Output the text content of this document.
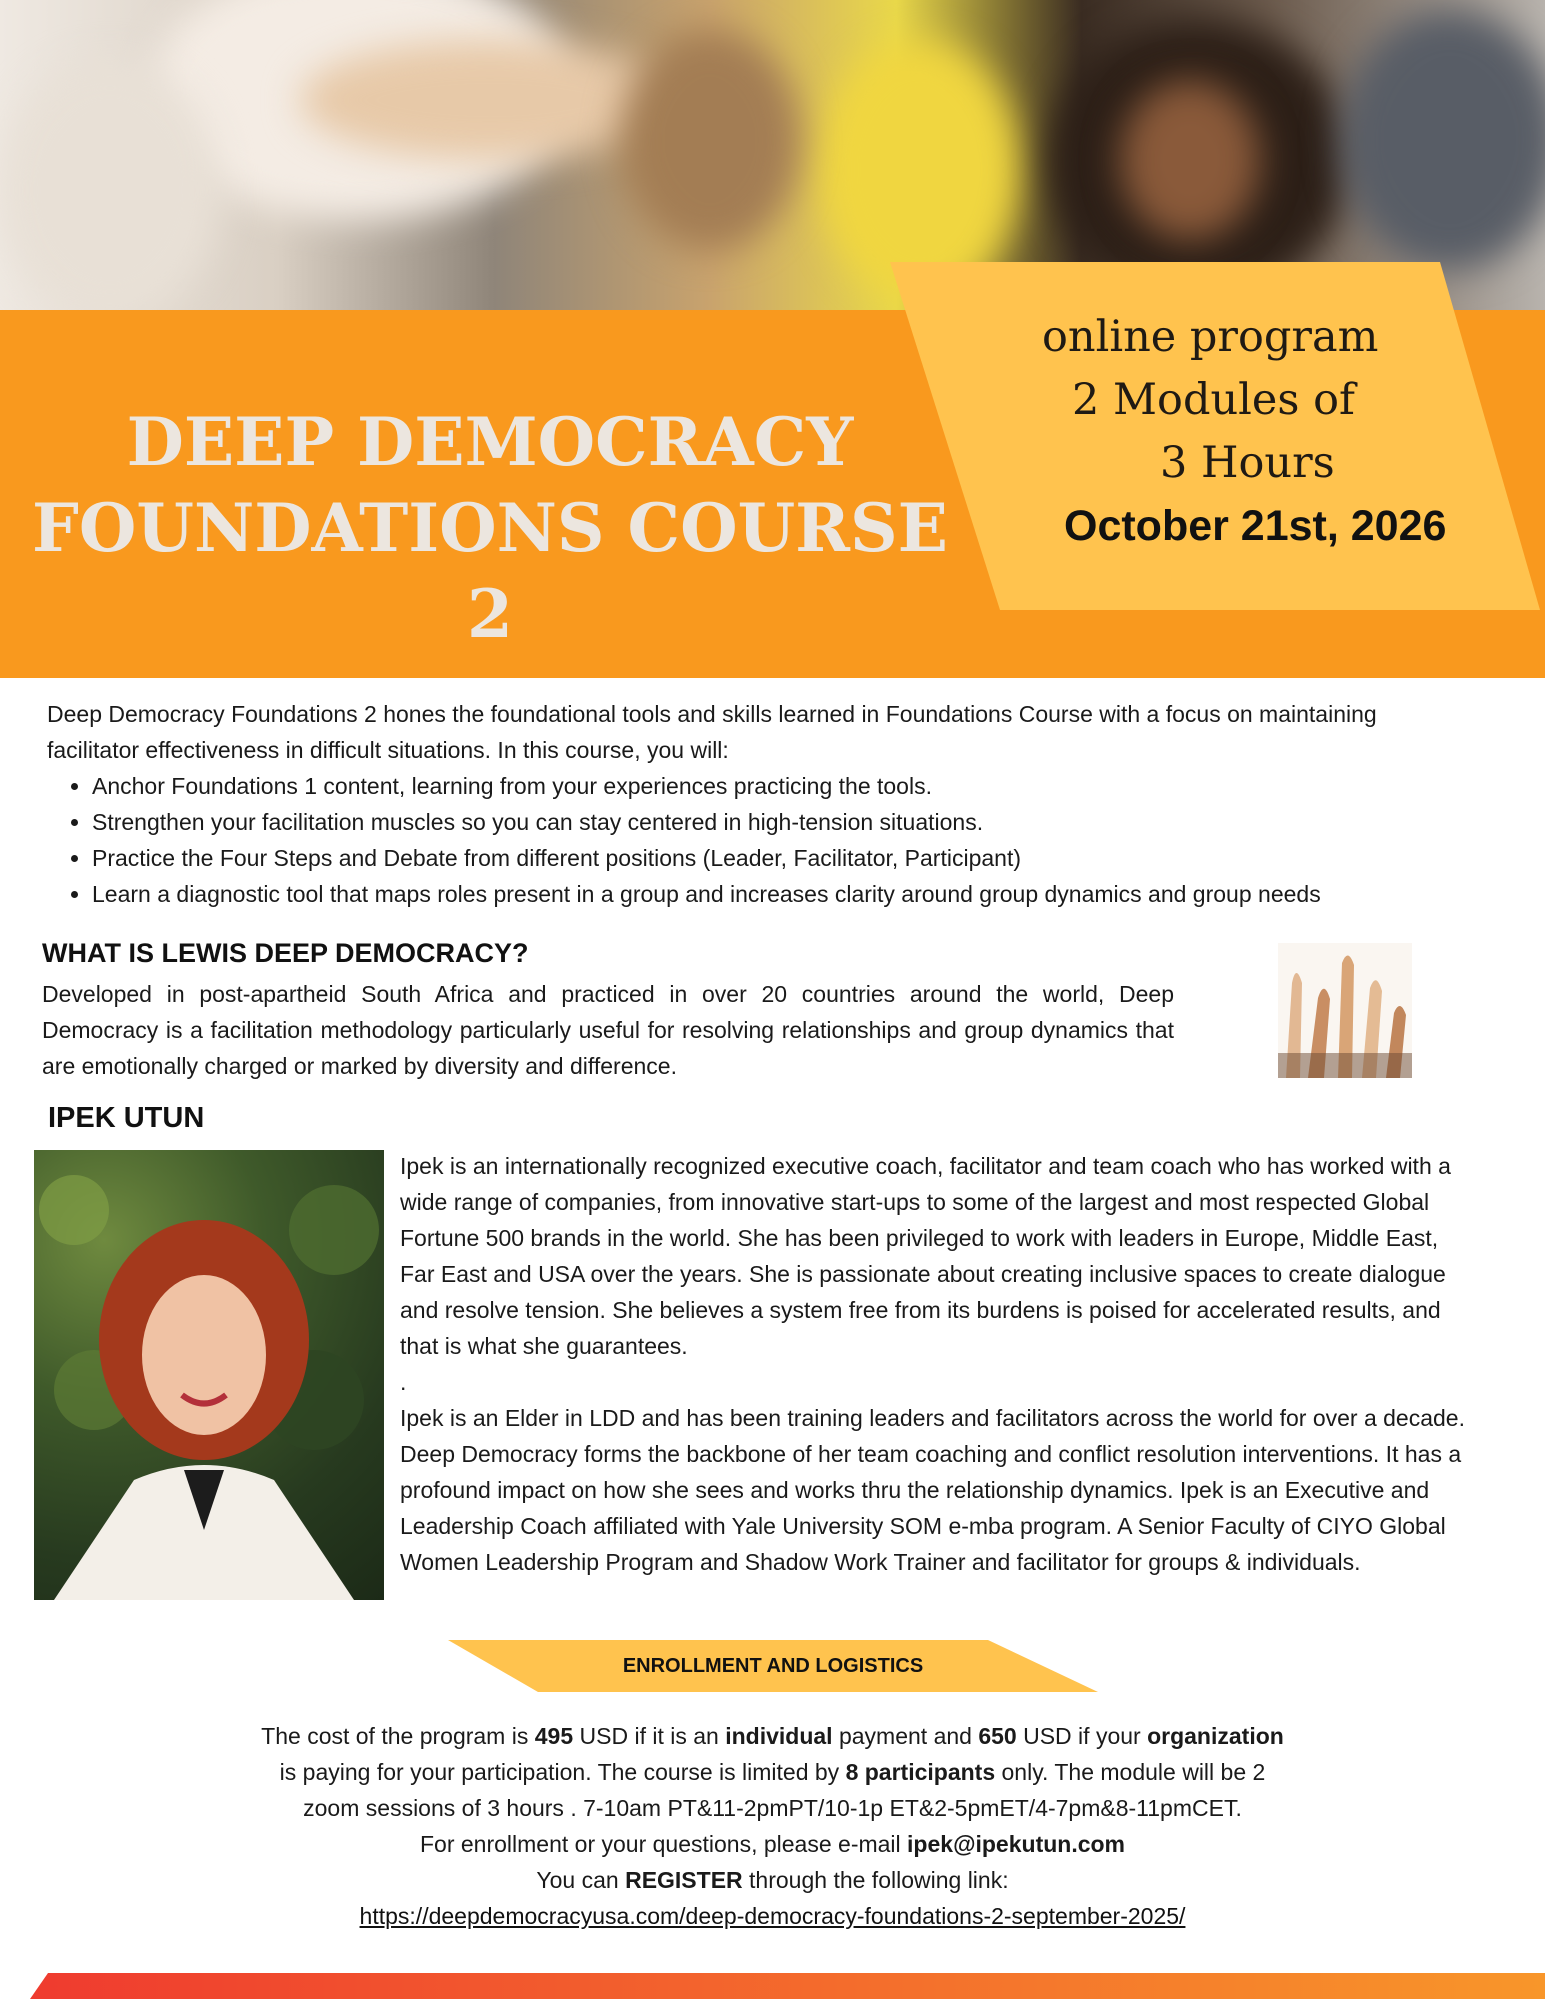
DEEP DEMOCRACY
FOUNDATIONS COURSE 2
online program
2 Modules of
3 Hours
October 21st, 2026
Deep Democracy Foundations 2 hones the foundational tools and skills learned in Foundations Course with a focus on maintaining facilitator effectiveness in difficult situations. In this course, you will:
• Anchor Foundations 1 content, learning from your experiences practicing the tools.
• Strengthen your facilitation muscles so you can stay centered in high-tension situations.
• Practice the Four Steps and Debate from different positions (Leader, Facilitator, Participant)
• Learn a diagnostic tool that maps roles present in a group and increases clarity around group dynamics and group needs
WHAT IS LEWIS DEEP DEMOCRACY?
Developed in post-apartheid South Africa and practiced in over 20 countries around the world, Deep Democracy is a facilitation methodology particularly useful for resolving relationships and group dynamics that are emotionally charged or marked by diversity and difference.
IPEK UTUN

Ipek is an internationally recognized executive coach, facilitator and team coach who has worked with a wide range of companies, from innovative start-ups to some of the largest and most respected Global Fortune 500 brands in the world. She has been privileged to work with leaders in Europe, Middle East, Far East and USA over the years. She is passionate about creating inclusive spaces to create dialogue and resolve tension. She believes a system free from its burdens is poised for accelerated results, and that is what she guarantees.

.

Ipek is an Elder in LDD and has been training leaders and facilitators across the world for over a decade. Deep Democracy forms the backbone of her team coaching and conflict resolution interventions. It has a profound impact on how she sees and works thru the relationship dynamics. Ipek is an Executive and Leadership Coach affiliated with Yale University SOM e-mba program. A Senior Faculty of CIYO Global Women Leadership Program and Shadow Work Trainer and facilitator for groups & individuals.

ENROLLMENT AND LOGISTICS
The cost of the program is 495 USD if it is an individual payment and 650 USD if your organization
is paying for your participation. The course is limited by 8 participants only. The module will be 2
zoom sessions of 3 hours . 7-10am PT&11-2pmPT/10-1p ET&2-5pmET/4-7pm&8-11pmCET.
For enrollment or your questions, please e-mail ipek@ipekutun.com
You can REGISTER through the following link:
https://deepdemocracyusa.com/deep-democracy-foundations-2-september-2025/
